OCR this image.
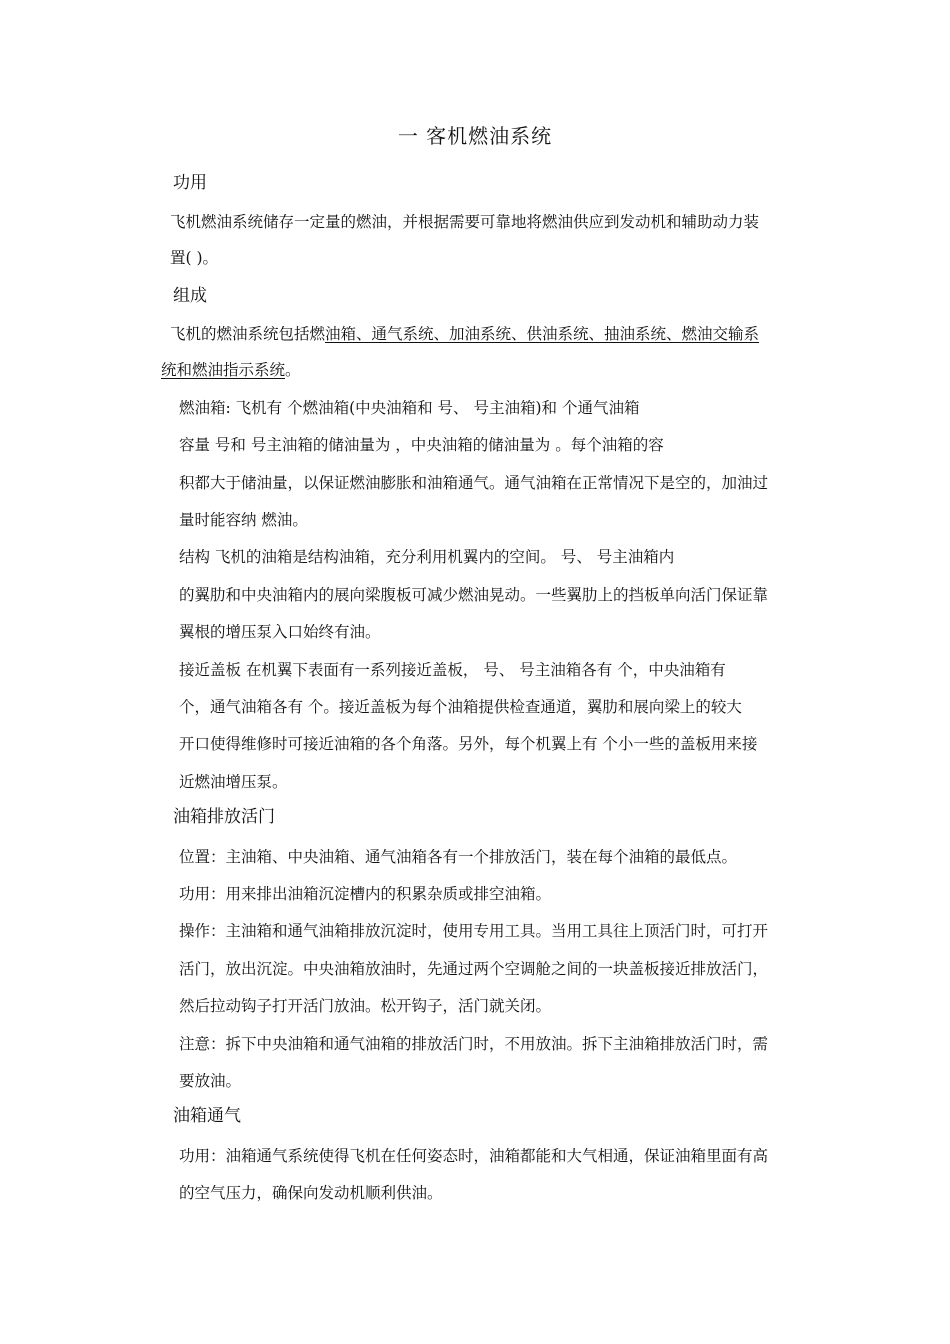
一 客机燃油系统
功用
飞机燃油系统储存一定量的燃油，并根据需要可靠地将燃油供应到发动机和辅助动力装
置( )。
组成
飞机的燃油系统包括燃油箱、通气系统、加油系统、供油系统、抽油系统、燃油交输系
统和燃油指示系统。
燃油箱: 飞机有 个燃油箱(中央油箱和 号、 号主油箱)和 个通气油箱
容量 号和 号主油箱的储油量为 ，中央油箱的储油量为 。每个油箱的容
积都大于储油量，以保证燃油膨胀和油箱通气。通气油箱在正常情况下是空的，加油过
量时能容纳 燃油。
结构 飞机的油箱是结构油箱，充分利用机翼内的空间。 号、 号主油箱内
的翼肋和中央油箱内的展向梁腹板可减少燃油晃动。一些翼肋上的挡板单向活门保证靠
翼根的增压泵入口始终有油。
接近盖板 在机翼下表面有一系列接近盖板， 号、 号主油箱各有 个，中央油箱有
个，通气油箱各有 个。接近盖板为每个油箱提供检查通道，翼肋和展向梁上的较大
开口使得维修时可接近油箱的各个角落。另外，每个机翼上有 个小一些的盖板用来接
近燃油增压泵。
油箱排放活门
位置：主油箱、中央油箱、通气油箱各有一个排放活门，装在每个油箱的最低点。
功用：用来排出油箱沉淀槽内的积累杂质或排空油箱。
操作：主油箱和通气油箱排放沉淀时，使用专用工具。当用工具往上顶活门时，可打开
活门，放出沉淀。中央油箱放油时，先通过两个空调舱之间的一块盖板接近排放活门，
然后拉动钩子打开活门放油。松开钩子，活门就关闭。
注意：拆下中央油箱和通气油箱的排放活门时，不用放油。拆下主油箱排放活门时，需
要放油。
油箱通气
功用：油箱通气系统使得飞机在任何姿态时，油箱都能和大气相通，保证油箱里面有高
的空气压力，确保向发动机顺利供油。
